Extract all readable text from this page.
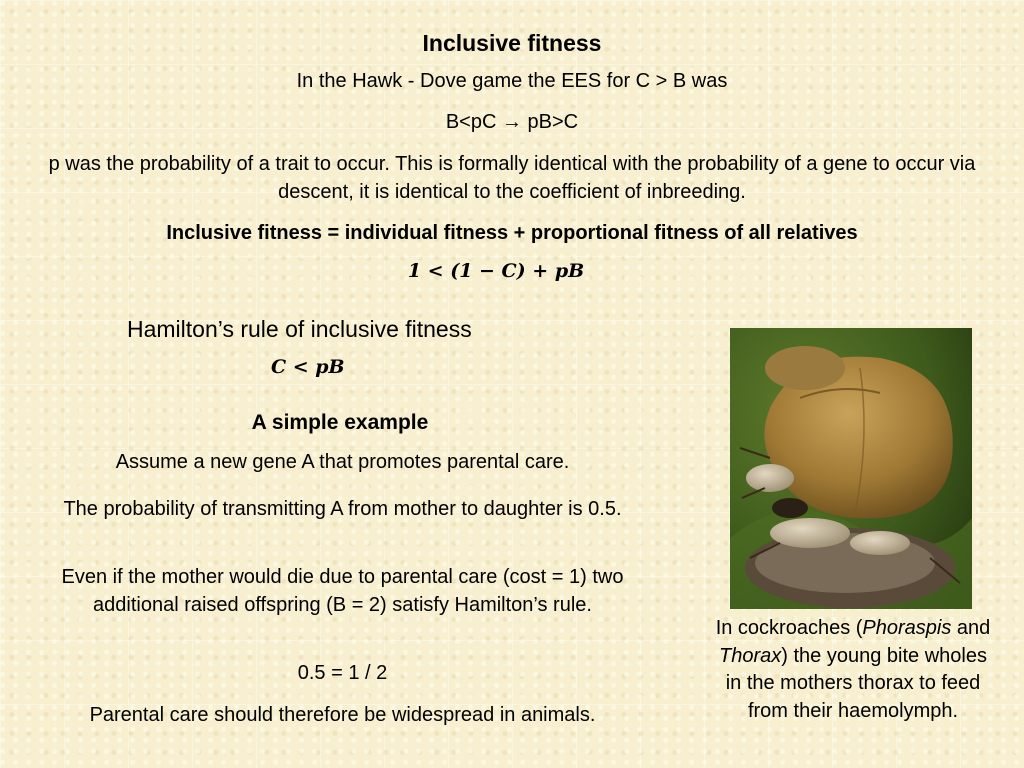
Inclusive fitness
In the Hawk - Dove game the EES for C > B was
B<pC → pB>C
p was the probability of a trait to occur. This is formally identical with the probability of a gene to occur via descent, it is identical to the coefficient of inbreeding.
Inclusive fitness = individual fitness + proportional fitness of all relatives
1 < (1 − C) + pB
Hamilton’s rule of inclusive fitness
C < pB
A simple example
Assume a new gene A that promotes parental care.
The probability of transmitting A from mother to daughter is 0.5.
Even if the mother would die due to parental care (cost = 1) two additional raised offspring (B = 2) satisfy Hamilton’s rule.
0.5 = 1 / 2
Parental care should therefore be widespread in animals.
In cockroaches (Phoraspis and Thorax) the young bite wholes in the mothers thorax to feed from their haemolymph.
